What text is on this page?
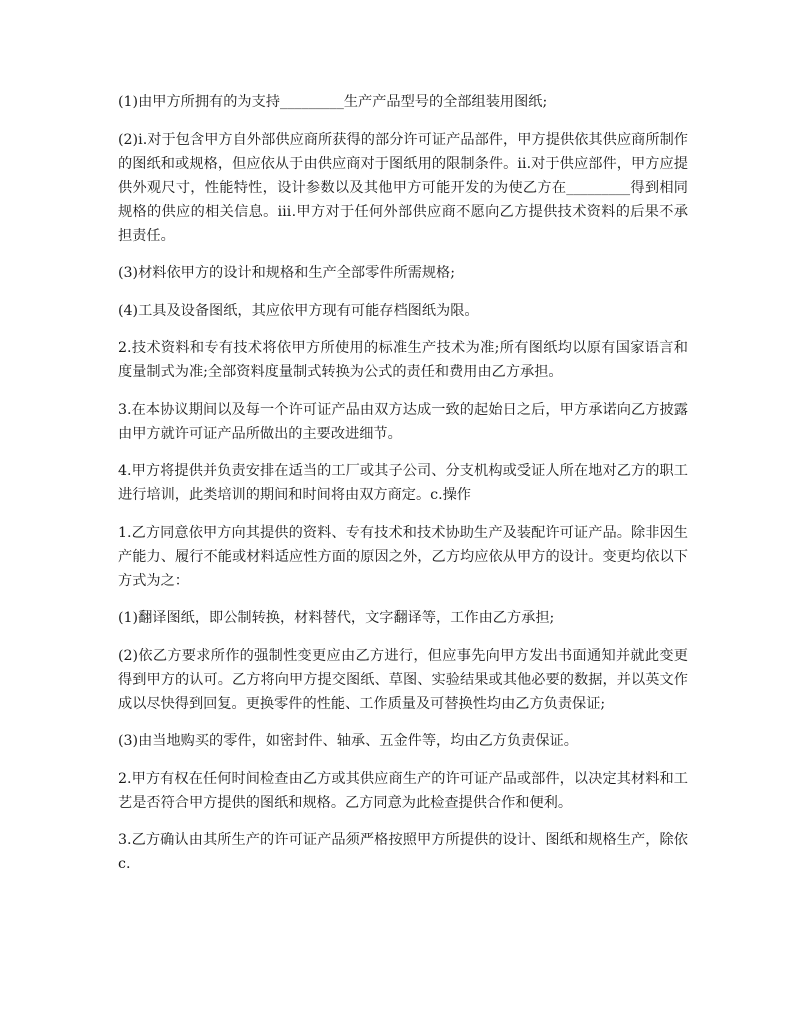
(1)由甲方所拥有的为支持_________生产产品型号的全部组装用图纸;

(2)ⅰ.对于包含甲方自外部供应商所获得的部分许可证产品部件，甲方提供依其供应商所制作的图纸和或规格，但应依从于由供应商对于图纸用的限制条件。ⅱ.对于供应部件，甲方应提供外观尺寸，性能特性，设计参数以及其他甲方可能开发的为使乙方在_________得到相同规格的供应的相关信息。ⅲ.甲方对于任何外部供应商不愿向乙方提供技术资料的后果不承担责任。

(3)材料依甲方的设计和规格和生产全部零件所需规格;

(4)工具及设备图纸，其应依甲方现有可能存档图纸为限。

2.技术资料和专有技术将依甲方所使用的标准生产技术为准;所有图纸均以原有国家语言和度量制式为准;全部资料度量制式转换为公式的责任和费用由乙方承担。

3.在本协议期间以及每一个许可证产品由双方达成一致的起始日之后，甲方承诺向乙方披露由甲方就许可证产品所做出的主要改进细节。

4.甲方将提供并负责安排在适当的工厂或其子公司、分支机构或受证人所在地对乙方的职工进行培训，此类培训的期间和时间将由双方商定。c.操作

1.乙方同意依甲方向其提供的资料、专有技术和技术协助生产及装配许可证产品。除非因生产能力、履行不能或材料适应性方面的原因之外，乙方均应依从甲方的设计。变更均依以下方式为之：

(1)翻译图纸，即公制转换，材料替代，文字翻译等，工作由乙方承担;

(2)依乙方要求所作的强制性变更应由乙方进行，但应事先向甲方发出书面通知并就此变更得到甲方的认可。乙方将向甲方提交图纸、草图、实验结果或其他必要的数据，并以英文作成以尽快得到回复。更换零件的性能、工作质量及可替换性均由乙方负责保证;

(3)由当地购买的零件，如密封件、轴承、五金件等，均由乙方负责保证。

2.甲方有权在任何时间检查由乙方或其供应商生产的许可证产品或部件，以决定其材料和工艺是否符合甲方提供的图纸和规格。乙方同意为此检查提供合作和便利。

3.乙方确认由其所生产的许可证产品须严格按照甲方所提供的设计、图纸和规格生产，除依c.
